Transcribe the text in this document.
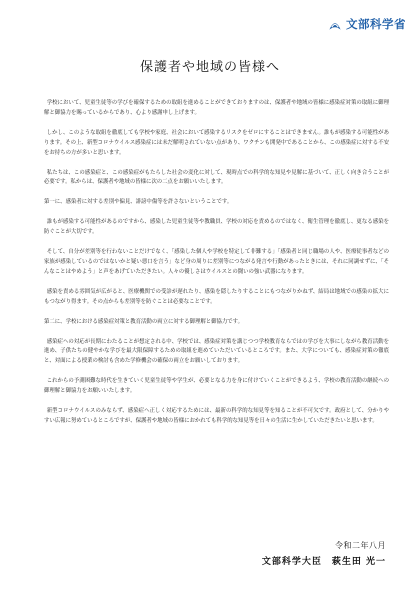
文部科学省
保護者や地域の皆様へ

学校において、児童生徒等の学びを確保するための取組を進めることができておりますのは、保護者や地域の皆様に感染症対策の取組に御理解と御協力を賜っているからであり、心より感謝申し上げます。

しかし、このような取組を徹底しても学校や家庭、社会において感染するリスクをゼロにすることはできません。誰もが感染する可能性があります。その上、新型コロナウイルス感染症には未だ解明されていない点があり、ワクチンも開発中であることから、この感染症に対する不安をお持ちの方が多いと思います。

私たちは、この感染症と、この感染症がもたらした社会の変化に対して、現時点での科学的な知見や見解に基づいて、正しく向き合うことが必要です。私からは、保護者や地域の皆様に次の二点をお願いいたします。

第一に、感染者に対する差別や偏見、誹謗中傷等を許さないということです。

誰もが感染する可能性があるのですから、感染した児童生徒等や教職員、学校の対応を責めるのではなく、衛生管理を徹底し、更なる感染を防ぐことが大切です。

そして、自分が差別等を行わないことだけでなく、「感染した個人や学校を特定して非難する」「感染者と同じ職場の人や、医療従事者などの家族が感染しているのではないかと疑い悪口を言う」など身の周りに差別等につながる発言や行動があったときには、それに同調せずに、「そんなことはやめよう」と声をあげていただきたい。人々の優しさはウイルスとの闘いの強い武器になります。

感染を責める雰囲気が広がると、医療機関での受診が遅れたり、感染を隠したりすることにもつながりかねず、結局は地域での感染の拡大にもつながり得ます。その点からも差別等を防ぐことは必要なことです。

第二に、学校における感染症対策と教育活動の両立に対する御理解と御協力です。

感染症への対応が長期にわたることが想定される中、学校では、感染症対策を講じつつ学校教育ならではの学びを大事にしながら教育活動を進め、子供たちの健やかな学びを最大限保障するための取組を進めていただいているところです。また、大学についても、感染症対策の徹底と、対面による授業の検討も含めた学修機会の確保の両立をお願いしております。

これからの予測困難な時代を生きていく児童生徒等や学生が、必要となる力を身に付けていくことができるよう、学校の教育活動の継続への御理解と御協力をお願いいたします。

新型コロナウイルスのみならず、感染症へ正しく対応するためには、最新の科学的な知見等を知ることが不可欠です。政府として、分かりやすい広報に努めているところですが、保護者や地域の皆様におかれても科学的な知見等を日々の生活に生かしていただきたいと思います。

令和二年八月
文部科学大臣　萩生田 光一
